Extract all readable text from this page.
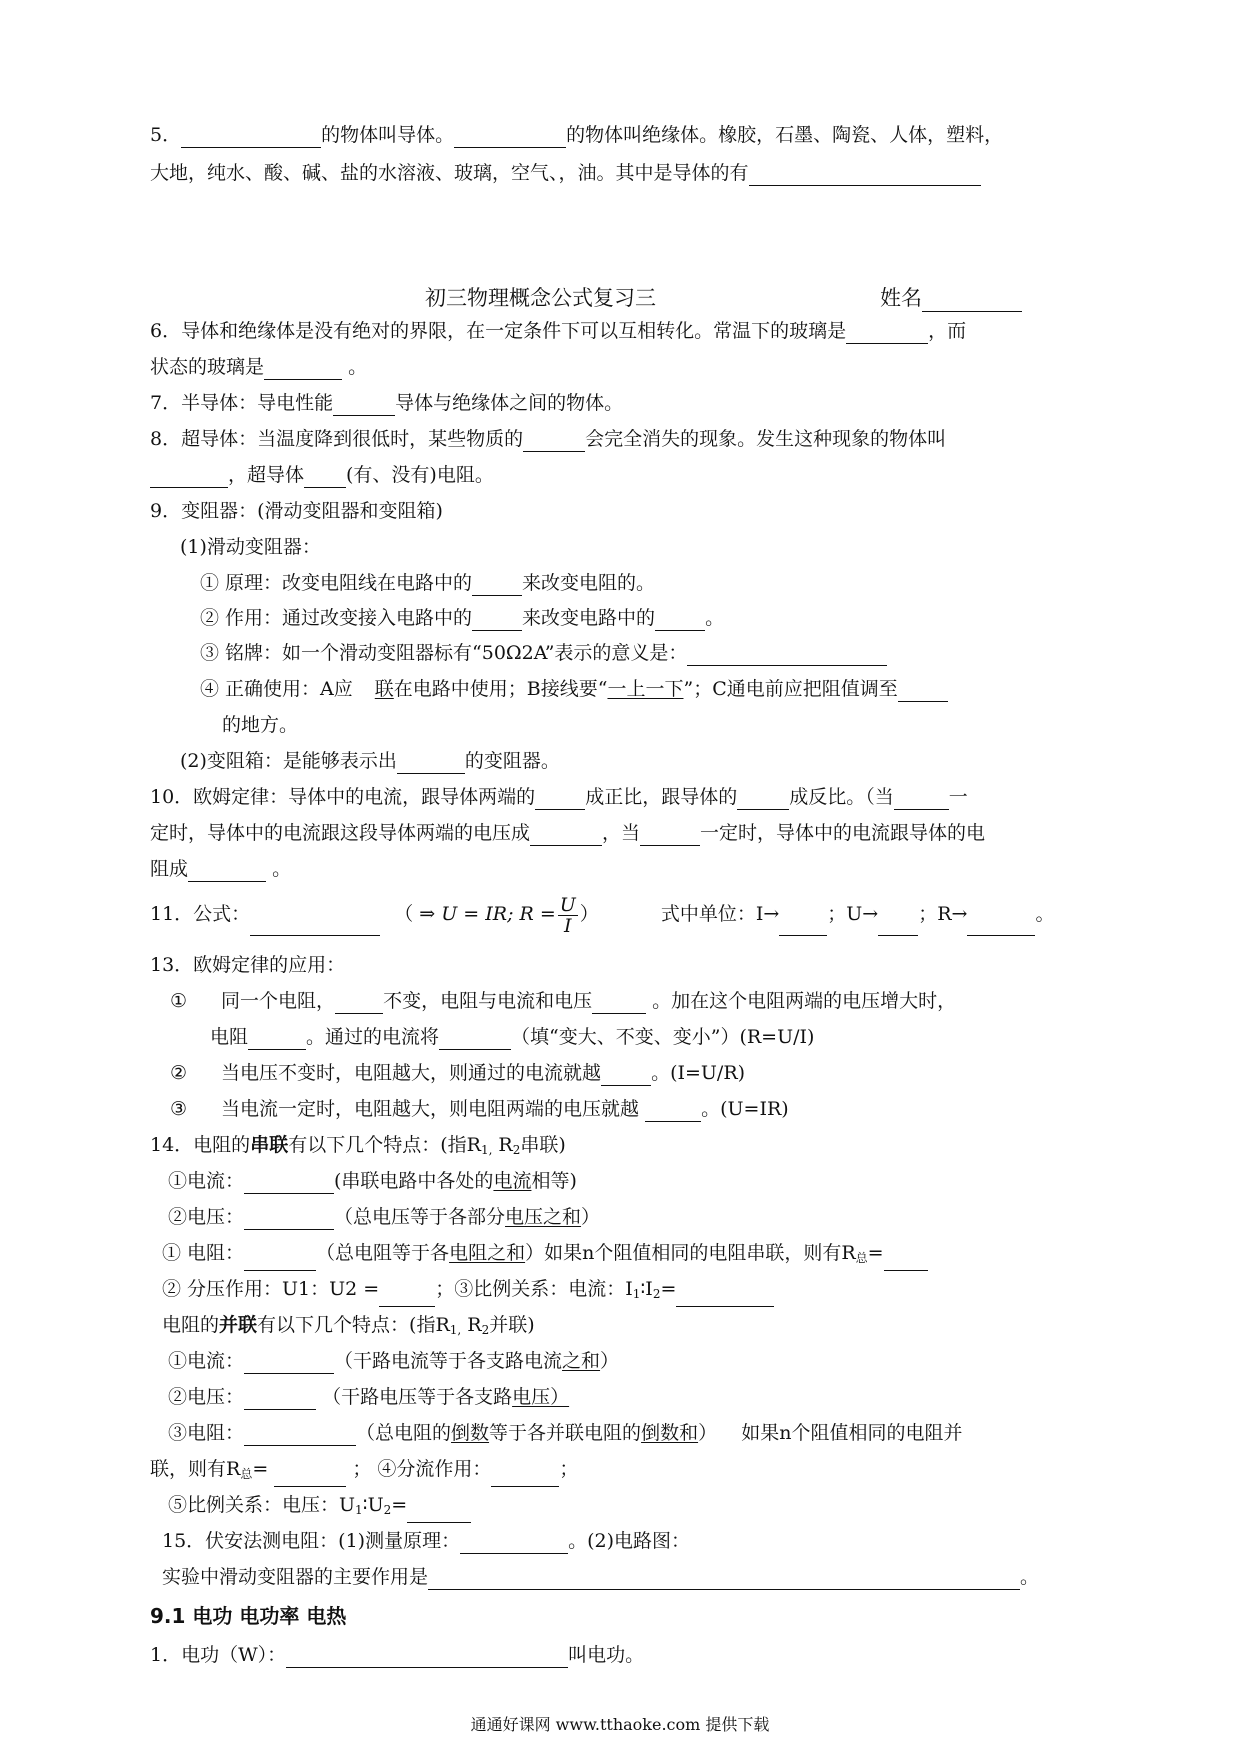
5．	的物体叫导体。	的物体叫绝缘体。橡胶，石墨、陶瓷、人体，塑料，
大地，纯水、酸、碱、盐的水溶液、玻璃，空气、，油。其中是导体的有
初三物理概念公式复习三	姓名
6．导体和绝缘体是没有绝对的界限，在一定条件下可以互相转化。常温下的玻璃是	，而
状态的玻璃是	。
7．半导体：导电性能	导体与绝缘体之间的物体。
8．超导体：当温度降到很低时，某些物质的	会完全消失的现象。发生这种现象的物体叫
，超导体 (有、没有)电阻。
9．变阻器：(滑动变阻器和变阻箱)
(1)滑动变阻器：
① 原理：改变电阻线在电路中的	来改变电阻的。
② 作用：通过改变接入电路中的	来改变电路中的	。
③ 铭牌：如一个滑动变阻器标有“50Ω2A”表示的意义是：
④ 正确使用：A应 联在电路中使用；B接线要“一上一下”；C通电前应把阻值调至
的地方。
(2)变阻箱：是能够表示出	的变阻器。
10．欧姆定律：导体中的电流，跟导体两端的	成正比，跟导体的	成反比。（当	一
定时，导体中的电流跟这段导体两端的电压成	，当	一定时，导体中的电流跟导体的电
阻成	。
11．公式：	（ ⇒ U = IR; $R = \frac{U}{I}$ ）	式中单位：I→	；U→ ；R→	。
13．欧姆定律的应用：
① 同一个电阻，	不变，电阻与电流和电压	。加在这个电阻两端的电压增大时，
电阻	。通过的电流将	（填“变大、不变、变小”）(R=U/I)
② 当电压不变时，电阻越大，则通过的电流就越	。(I=U/R)
③ 当电流一定时，电阻越大，则电阻两端的电压就越	。(U=IR)
14．电阻的串联有以下几个特点：(指$R_{1,}$ $R_2$串联)
①电流：	(串联电路中各处的电流相等)
②电压：	（总电压等于各部分电压之和）
① 电阻：	（总电阻等于各电阻之和）如果n个阻值相同的电阻串联，则有$R_总=$
② 分压作用：U1：U2 =	；③比例关系：电流：$I_1∶I_2=$
电阻的并联有以下几个特点：(指$R_{1,}$ $R_2$并联)
①电流：	（干路电流等于各支路电流之和）
②电压：	（干路电压等于各支路电压）
③电阻：	（总电阻的倒数等于各并联电阻的倒数和）    如果n个阻值相同的电阻并
联，则有$R_总=$	； ④分流作用：	；
⑤比例关系：电压：$U_1∶U_2=$
15．伏安法测电阻：(1)测量原理：	。(2)电路图：
实验中滑动变阻器的主要作用是	。
9.1 电功 电功率 电热
1．电功（W）：	叫电功。
通通好课网 www.tthaoke.com 提供下载
